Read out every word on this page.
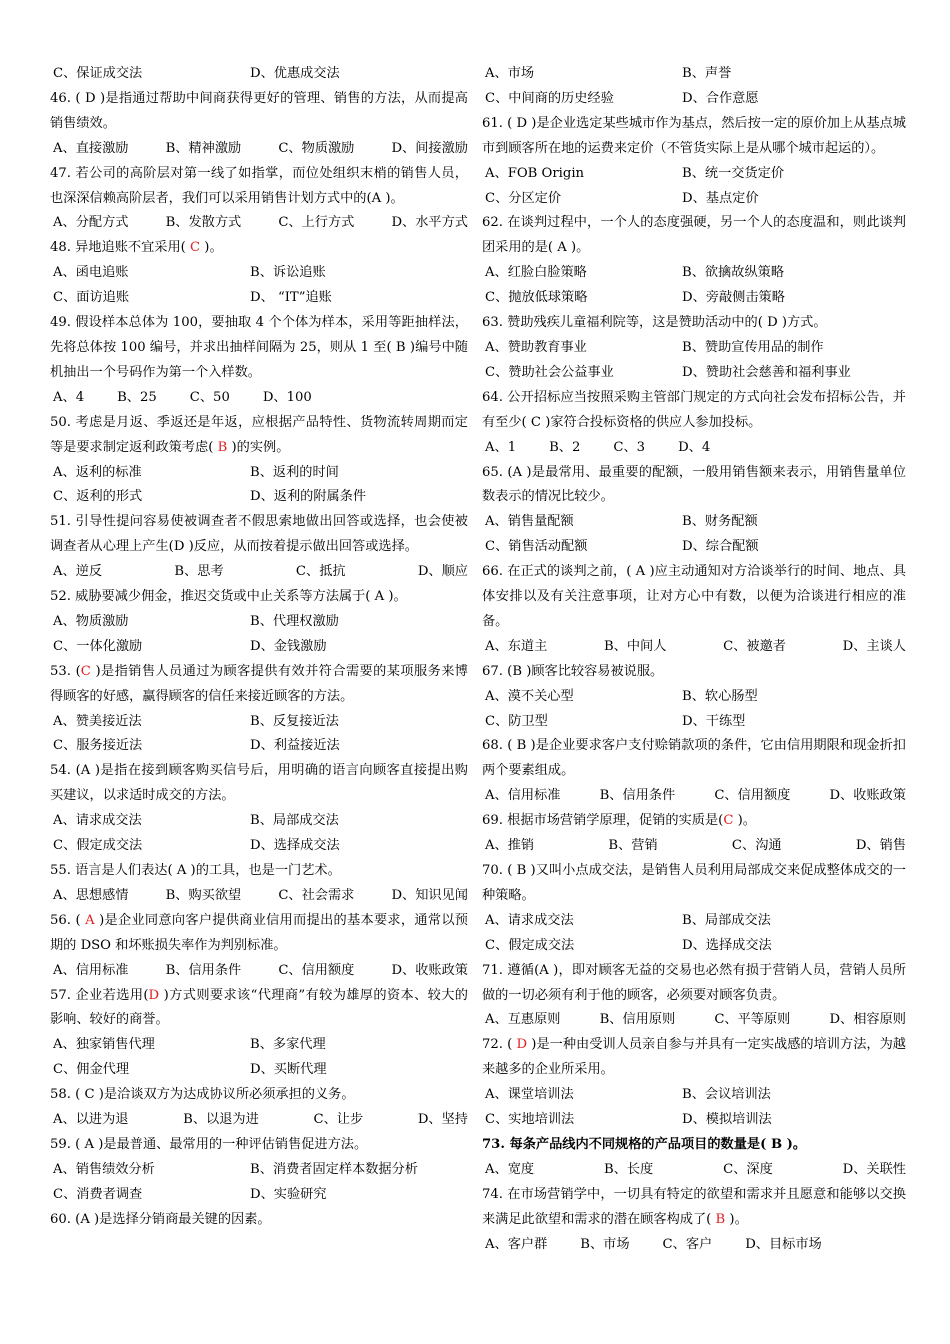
C、保证成交法	D、优惠成交法
46. ( D )是指通过帮助中间商获得更好的管理、销售的方法，从而提高销售绩效。
A、直接激励	B、精神激励	C、物质激励	D、间接激励
47. 若公司的高阶层对第一线了如指掌，而位处组织末梢的销售人员，也深深信赖高阶层者，我们可以采用销售计划方式中的(A )。
A、分配方式	B、发散方式	C、上行方式	D、水平方式
48. 异地追账不宜采用( C )。
A、函电追账	B、诉讼追账
C、面访追账	D、 “IT”追账
49. 假设样本总体为 100，要抽取 4 个个体为样本，采用等距抽样法，先将总体按 100 编号，并求出抽样间隔为 25，则从 1 至( B )编号中随机抽出一个号码作为第一个入样数。
A、4	B、25	C、50	D、100
50. 考虑是月返、季返还是年返，应根据产品特性、货物流转周期而定等是要求制定返利政策考虑( B )的实例。
A、返利的标准	B、返利的时间
C、返利的形式	D、返利的附属条件
51. 引导性提问容易使被调查者不假思索地做出回答或选择，也会使被调查者从心理上产生(D )反应，从而按着提示做出回答或选择。
A、逆反	B、思考	C、抵抗	D、顺应
52. 威胁要减少佣金，推迟交货或中止关系等方法属于( A )。
A、物质激励	B、代理权激励
C、一体化激励	D、金钱激励
53. (C )是指销售人员通过为顾客提供有效并符合需要的某项服务来博得顾客的好感，赢得顾客的信任来接近顾客的方法。
A、赞美接近法	B、反复接近法
C、服务接近法	D、利益接近法
54. (A )是指在接到顾客购买信号后，用明确的语言向顾客直接提出购买建议，以求适时成交的方法。
A、请求成交法	B、局部成交法
C、假定成交法	D、选择成交法
55. 语言是人们表达( A )的工具，也是一门艺术。
A、思想感情	B、购买欲望	C、社会需求	D、知识见闻
56. ( A )是企业同意向客户提供商业信用而提出的基本要求，通常以预期的 DSO 和坏账损失率作为判别标准。
A、信用标准	B、信用条件	C、信用额度	D、收账政策
57. 企业若选用(D )方式则要求该“代理商”有较为雄厚的资本、较大的影响、较好的商誉。
A、独家销售代理	B、多家代理
C、佣金代理	D、买断代理
58. ( C )是洽谈双方为达成协议所必须承担的义务。
A、以进为退	B、以退为进	C、让步	D、坚持
59. ( A )是最普通、最常用的一种评估销售促进方法。
A、销售绩效分析	B、消费者固定样本数据分析
C、消费者调查	D、实验研究
60. (A )是选择分销商最关键的因素。
A、市场	B、声誉
C、中间商的历史经验	D、合作意愿
61. ( D )是企业选定某些城市作为基点，然后按一定的原价加上从基点城市到顾客所在地的运费来定价（不管货实际上是从哪个城市起运的）。
A、FOB Origin	B、统一交货定价
C、分区定价	D、基点定价
62. 在谈判过程中，一个人的态度强硬，另一个人的态度温和，则此谈判团采用的是( A )。
A、红脸白脸策略	B、欲擒故纵策略
C、抛放低球策略	D、旁敲侧击策略
63. 赞助残疾儿童福利院等，这是赞助活动中的( D )方式。
A、赞助教育事业	B、赞助宣传用品的制作
C、赞助社会公益事业	D、赞助社会慈善和福利事业
64. 公开招标应当按照采购主管部门规定的方式向社会发布招标公告，并有至少( C )家符合投标资格的供应人参加投标。
A、1	B、2	C、3	D、4
65. (A )是最常用、最重要的配额，一般用销售额来表示，用销售量单位数表示的情况比较少。
A、销售量配额	B、财务配额
C、销售活动配额	D、综合配额
66. 在正式的谈判之前，( A )应主动通知对方洽谈举行的时间、地点、具体安排以及有关注意事项，让对方心中有数，以便为洽谈进行相应的准备。
A、东道主	B、中间人	C、被邀者	D、主谈人
67. (B )顾客比较容易被说服。
A、漠不关心型	B、软心肠型
C、防卫型	D、干练型
68. ( B )是企业要求客户支付赊销款项的条件，它由信用期限和现金折扣两个要素组成。
A、信用标准	B、信用条件	C、信用额度	D、收账政策
69. 根据市场营销学原理，促销的实质是(C )。
A、推销	B、营销	C、沟通	D、销售
70. ( B )又叫小点成交法，是销售人员利用局部成交来促成整体成交的一种策略。
A、请求成交法	B、局部成交法
C、假定成交法	D、选择成交法
71. 遵循(A )，即对顾客无益的交易也必然有损于营销人员，营销人员所做的一切必须有利于他的顾客，必须要对顾客负责。
A、互惠原则	B、信用原则	C、平等原则	D、相容原则
72. ( D )是一种由受训人员亲自参与并具有一定实战感的培训方法，为越来越多的企业所采用。
A、课堂培训法	B、会议培训法
C、实地培训法	D、模拟培训法
73. 每条产品线内不同规格的产品项目的数量是( B )。
A、宽度	B、长度	C、深度	D、关联性
74. 在市场营销学中，一切具有特定的欲望和需求并且愿意和能够以交换来满足此欲望和需求的潜在顾客构成了( B )。
A、客户群	B、市场	C、客户	D、目标市场
